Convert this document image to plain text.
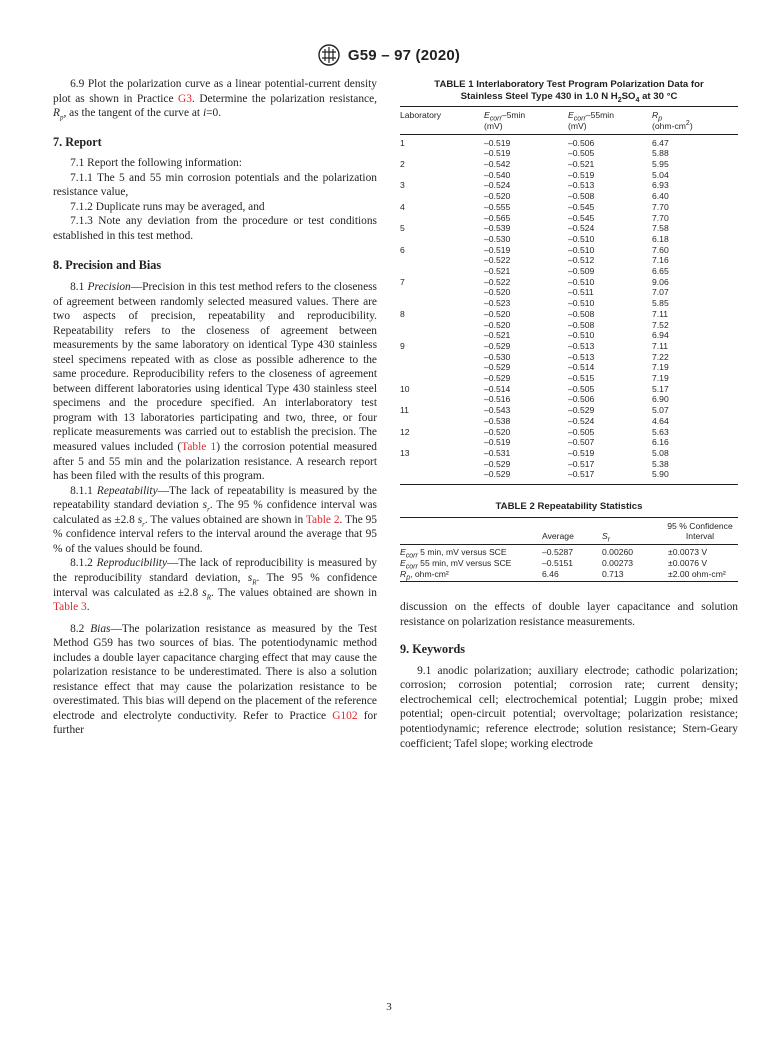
G59 – 97 (2020)

6.9 Plot the polarization curve as a linear potential-current density plot as shown in Practice G3. Determine the polarization resistance, $R_p$, as the tangent of the curve at i=0.

7. Report

7.1 Report the following information:

7.1.1 The 5 and 55 min corrosion potentials and the polarization resistance value,

7.1.2 Duplicate runs may be averaged, and

7.1.3 Note any deviation from the procedure or test conditions established in this test method.

8. Precision and Bias

8.1 Precision—Precision in this test method refers to the closeness of agreement between randomly selected measured values. There are two aspects of precision, repeatability and reproducibility. Repeatability refers to the closeness of agreement between measurements by the same laboratory on identical Type 430 stainless steel specimens repeated with as close as possible adherence to the same procedure. Reproducibility refers to the closeness of agreement between different laboratories using identical Type 430 stainless steel specimens and the procedure specified. An interlaboratory test program with 13 laboratories participating and two, three, or four replicate measurements was carried out to establish the precision. The measured values included (Table 1) the corrosion potential measured after 5 and 55 min and the polarization resistance. A research report has been filed with the results of this program.

8.1.1 Repeatability—The lack of repeatability is measured by the repeatability standard deviation $s_r$. The 95 % confidence interval was calculated as ±2.8 $s_r$. The values obtained are shown in Table 2. The 95 % confidence interval refers to the interval around the average that 95 % of the values should be found.

8.1.2 Reproducibility—The lack of reproducibility is measured by the reproducibility standard deviation, $s_R$. The 95 % confidence interval was calculated as ±2.8 $s_R$. The values obtained are shown in Table 3.

8.2 Bias—The polarization resistance as measured by the Test Method G59 has two sources of bias. The potentiodynamic method includes a double layer capacitance charging effect that may cause the polarization resistance to be underestimated. There is also a solution resistance effect that may cause the polarization resistance to be overestimated. This bias will depend on the placement of the reference electrode and electrolyte conductivity. Refer to Practice G102 for further

TABLE 1 Interlaboratory Test Program Polarization Data for
Stainless Steel Type 430 in 1.0 N $H_2SO_4$ at 30 °C
Laboratory	$E_{corr}-5\min$	$E_{corr}-55\min$	$R_p$
	(mV)	(mV)	$(ohm-cm^2)$
1	–0.519	–0.506	6.47
	–0.519	–0.505	5.88
2	–0.542	–0.521	5.95
	–0.540	–0.519	5.04
3	–0.524	–0.513	6.93
	–0.520	–0.508	6.40
4	–0.555	–0.545	7.70
	–0.565	–0.545	7.70
5	–0.539	–0.524	7.58
	–0.530	–0.510	6.18
6	–0.519	–0.510	7.60
	–0.522	–0.512	7.16
	–0.521	–0.509	6.65
7	–0.522	–0.510	9.06
	–0.520	–0.511	7.07
	–0.523	–0.510	5.85
8	–0.520	–0.508	7.11
	–0.520	–0.508	7.52
	–0.521	–0.510	6.94
9	–0.529	–0.513	7.11
	–0.530	–0.513	7.22
	–0.529	–0.514	7.19
	–0.529	–0.515	7.19
10	–0.514	–0.505	5.17
	–0.516	–0.506	6.90
11	–0.543	–0.529	5.07
	–0.538	–0.524	4.64
12	–0.520	–0.505	5.63
	–0.519	–0.507	6.16
13	–0.531	–0.519	5.08
	–0.529	–0.517	5.38
	–0.529	–0.517	5.90

TABLE 2 Repeatability Statistics
	Average	$S_r$	95 % Confidence
Interval

$E_{corr}$ 5 min, mV versus SCE	–0.5287	0.00260	±0.0073 V
$E_{corr}$ 55 min, mV versus SCE	–0.5151	0.00273	±0.0076 V
$R_p$, ohm-cm²	6.46	0.713	±2.00 ohm-cm²

discussion on the effects of double layer capacitance and solution resistance on polarization resistance measurements.

9. Keywords

9.1 anodic polarization; auxiliary electrode; cathodic polarization; corrosion; corrosion potential; corrosion rate; current density; electrochemical cell; electrochemical potential; Luggin probe; mixed potential; open-circuit potential; overvoltage; polarization resistance; potentiodynamic; reference electrode; solution resistance; Stern-Geary coefficient; Tafel slope; working electrode

3
